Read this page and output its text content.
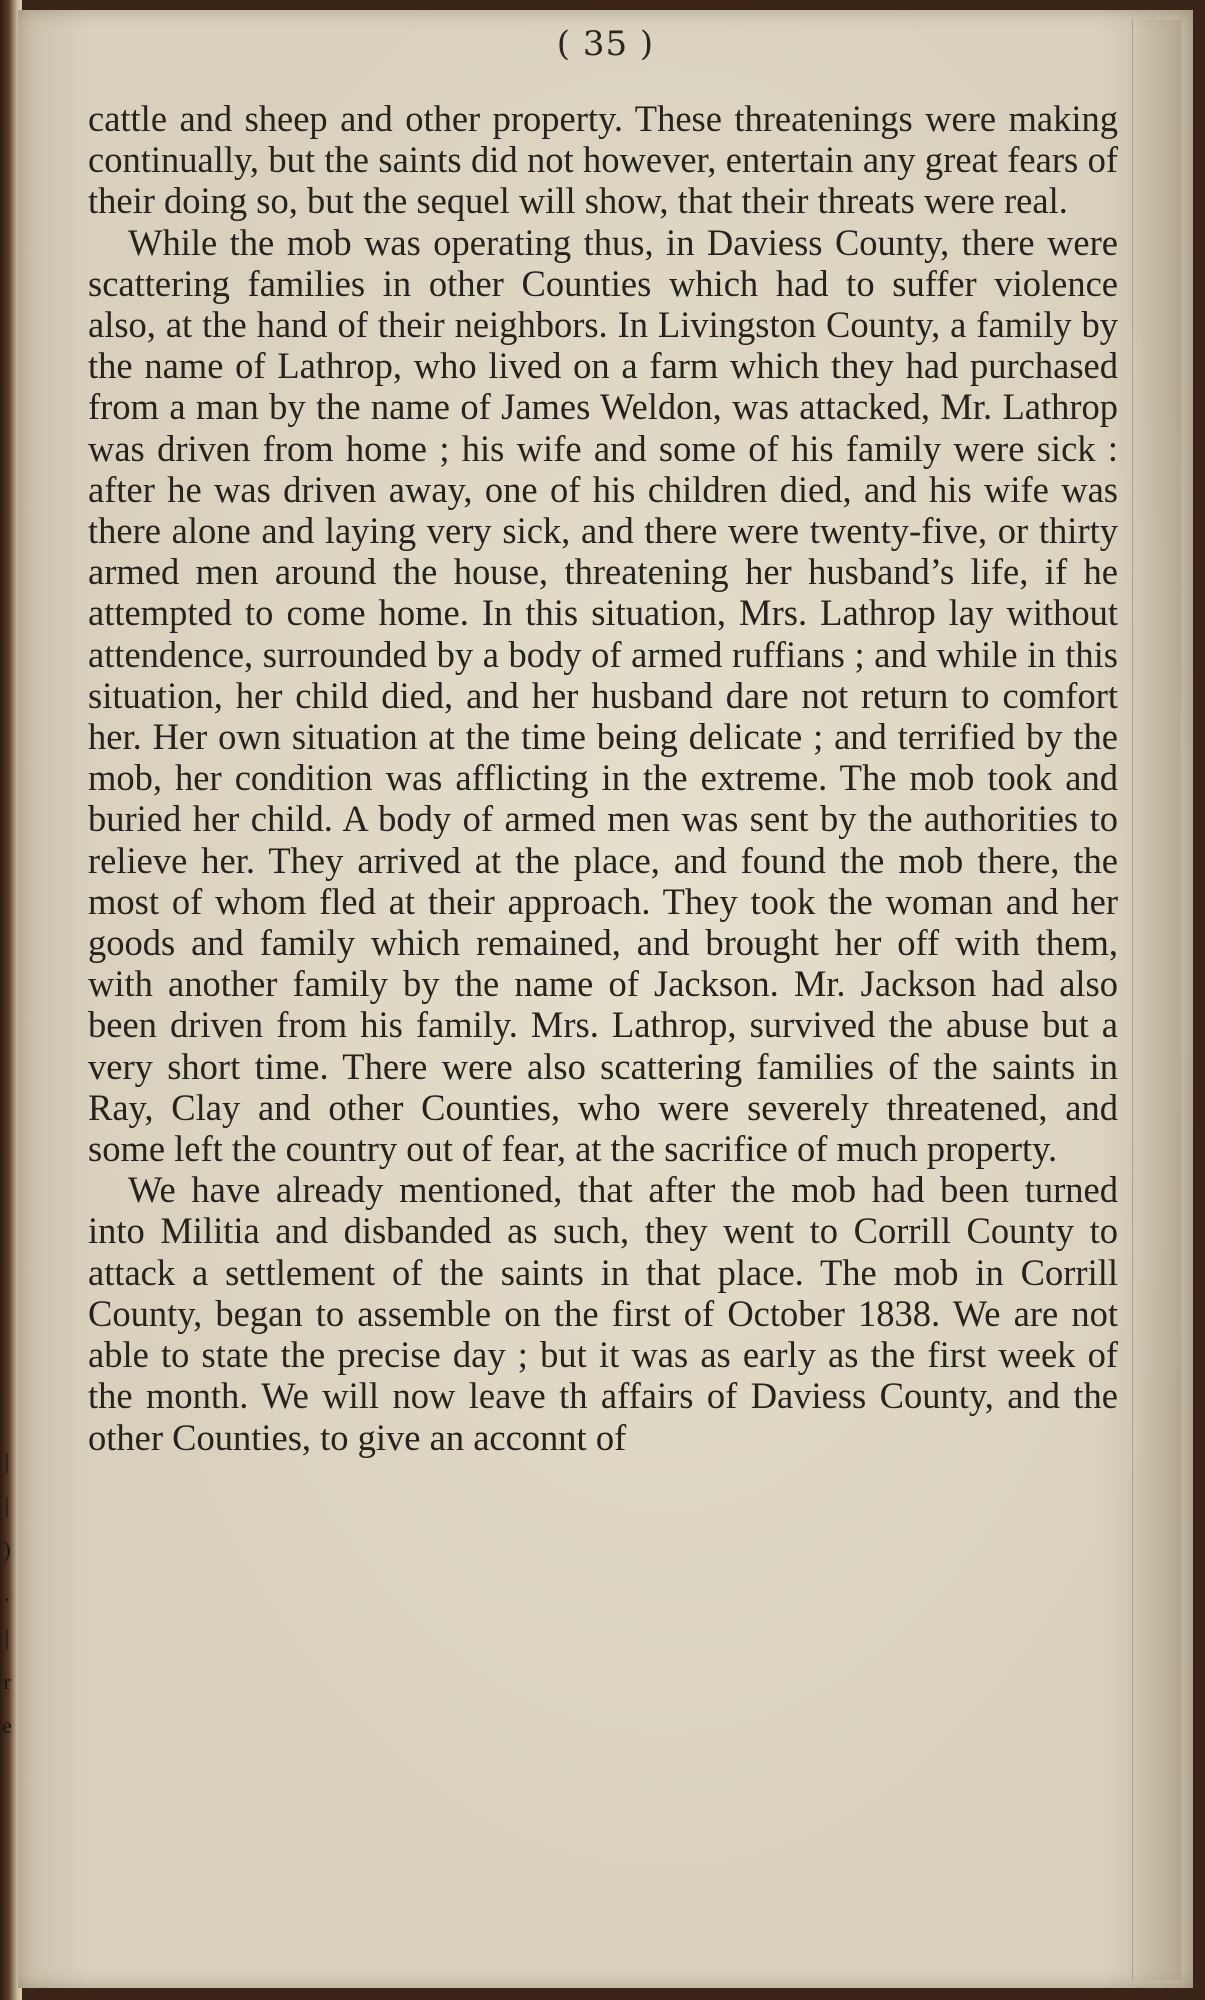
( 35 )

cattle and sheep and other property. These threatenings were making continually, but the saints did not however, entertain any great fears of their doing so, but the sequel will show, that their threats were real.

While the mob was operating thus, in Daviess County, there were scattering families in other Counties which had to suffer violence also, at the hand of their neighbors. In Livingston County, a family by the name of Lathrop, who lived on a farm which they had purchased from a man by the name of James Weldon, was attacked, Mr. Lathrop was driven from home ; his wife and some of his family were sick : after he was driven away, one of his children died, and his wife was there alone and laying very sick, and there were twenty-five, or thirty armed men around the house, threatening her husband’s life, if he attempted to come home. In this situation, Mrs. Lathrop lay without attendence, surrounded by a body of armed ruffians ; and while in this situation, her child died, and her husband dare not return to comfort her. Her own situation at the time being delicate ; and terrified by the mob, her condition was afflicting in the extreme. The mob took and buried her child. A body of armed men was sent by the authorities to relieve her. They arrived at the place, and found the mob there, the most of whom fled at their approach. They took the woman and her goods and family which remained, and brought her off with them, with another family by the name of Jackson. Mr. Jackson had also been driven from his family. Mrs. Lathrop, survived the abuse but a very short time. There were also scattering families of the saints in Ray, Clay and other Counties, who were severely threatened, and some left the country out of fear, at the sacrifice of much property.

We have already mentioned, that after the mob had been turned into Militia and disbanded as such, they went to Corrill County to attack a settlement of the saints in that place. The mob in Corrill County, began to assemble on the first of October 1838. We are not able to state the precise day ; but it was as early as the first week of the month. We will now leave th affairs of Daviess County, and the other Counties, to give an acconnt of

| | ) . | r e
